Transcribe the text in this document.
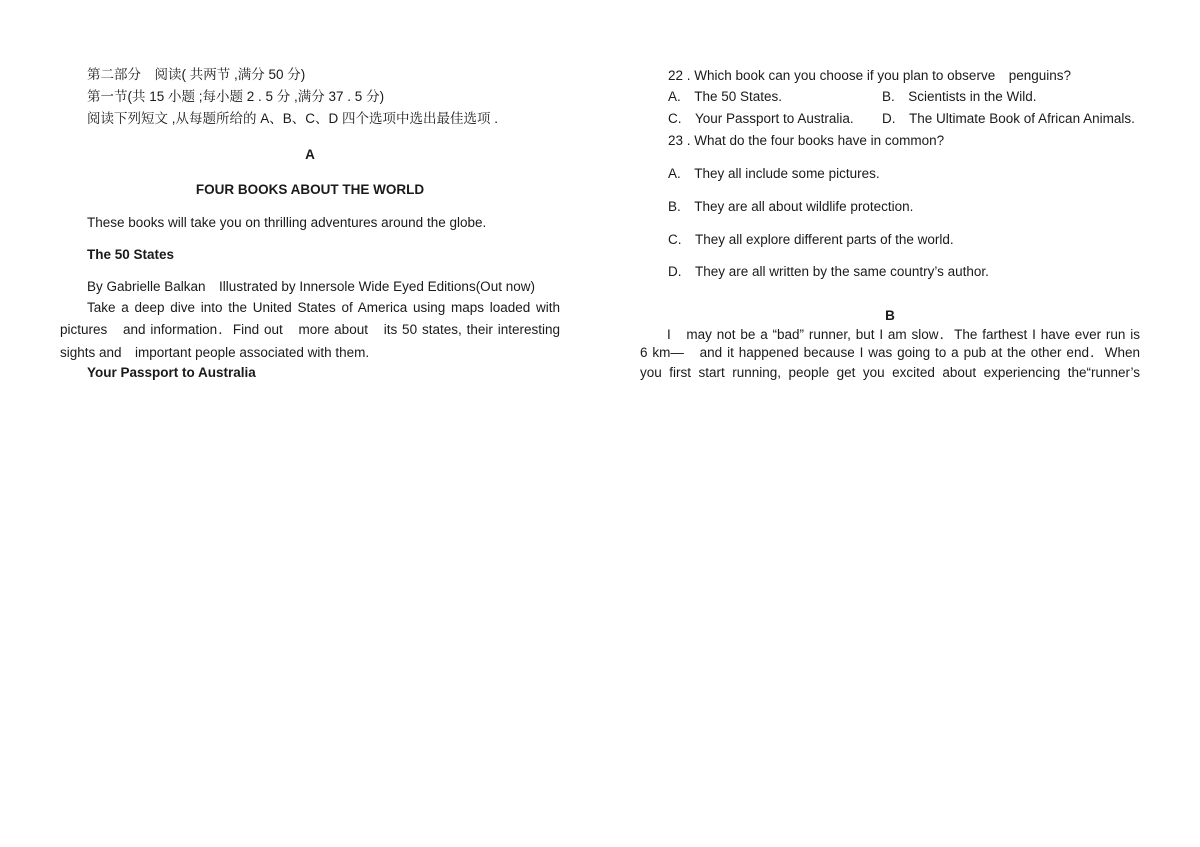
第二部分　阅读( 共两节 ,满分 50 分)
第一节(共 15 小题 ;每小题 2 . 5 分 ,满分 37 . 5 分)
阅读下列短文 ,从每题所给的 A、B、C、D 四个选项中选出最佳选项 .
A
FOUR BOOKS ABOUT THE WORLD
These books will take you on thrilling adventures around the globe.
The 50 States
By Gabrielle Balkan　Illustrated by Innersole Wide Eyed Editions(Out now)
Take a deep dive into the United States of America using maps loaded with
pictures　and information．Find out　more about　its 50 states, their interesting
sights and　important people associated with them.
Your Passport to Australia
22 . Which book can you choose if you plan to observe　penguins?
A.　The 50 States.	B.　Scientists in the Wild.
C.　Your Passport to Australia. D.　The Ultimate Book of African Animals.
23 . What do the four books have in common?
A.　They all include some pictures.
B.　They are all about wildlife protection.
C.　They all explore different parts of the world.
D.　They are all written by the same country’s author.
B
I　may not be a “bad” runner, but I am slow．The farthest I have ever run is
6 km—　and it happened because I was going to a pub at the other end．When
you first start running, people get you excited about experiencing the“runner’s
